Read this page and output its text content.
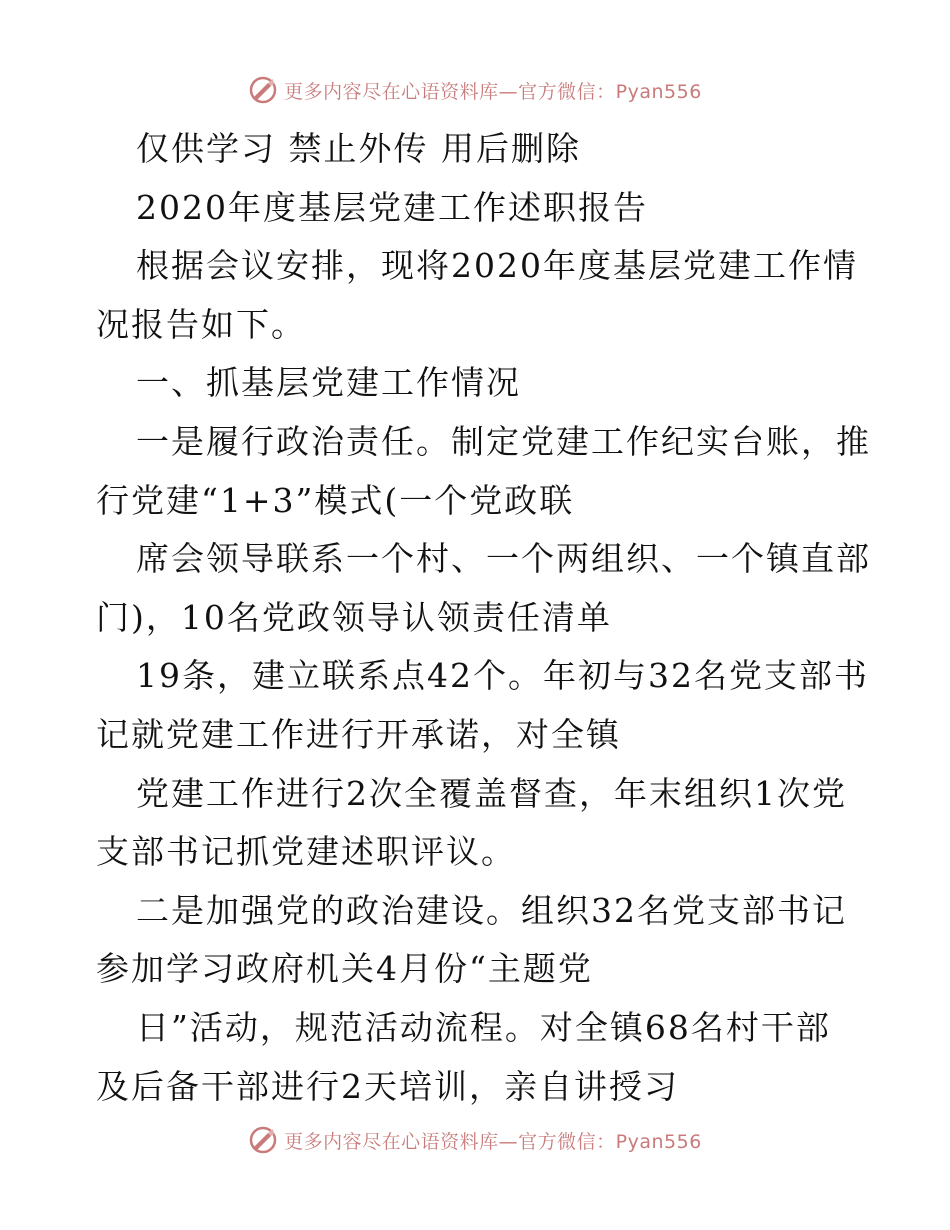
更多内容尽在心语资料库—官方微信：Pyan556
仅供学习 禁止外传 用后删除
2020年度基层党建工作述职报告
根据会议安排，现将2020年度基层党建工作情
况报告如下。
一、抓基层党建工作情况
一是履行政治责任。制定党建工作纪实台账，推
行党建“1+3”模式(一个党政联
席会领导联系一个村、一个两组织、一个镇直部
门)，10名党政领导认领责任清单
19条，建立联系点42个。年初与32名党支部书
记就党建工作进行开承诺，对全镇
党建工作进行2次全覆盖督查，年末组织1次党
支部书记抓党建述职评议。
二是加强党的政治建设。组织32名党支部书记
参加学习政府机关4月份“主题党
日”活动，规范活动流程。对全镇68名村干部
及后备干部进行2天培训，亲自讲授习
更多内容尽在心语资料库—官方微信：Pyan556
